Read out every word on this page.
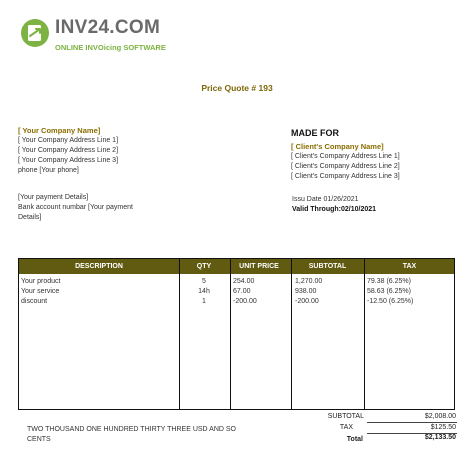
INV24.COM
ONLINE INVOicing SOFTWARE
Price Quote # 193
[ Your Company Name]
[ Your Company Address Line 1]
[ Your Company Address Line 2]
[ Your Company Address Line 3]
phone [Your phone]
[Your payment Details]
Bank account numbar [Your payment
Details]
MADE FOR
[ Client's Company Name]
[ Client's Company Address Line 1]
[ Client's Company Address Line 2]
[ Client's Company Address Line 3]
Issu Date 01/26/2021
Valid Through:02/10/2021
DESCRIPTION	QTY	UNIT PRICE	SUBTOTAL	TAX
Your product	5	254.00	1,270.00	79.38 (6.25%)
Your service	14h	67.00	938.00	58.63 (6.25%)
discount	1	-200.00	-200.00	-12.50 (6.25%)
TWO THOUSAND ONE HUNDRED THIRTY THREE USD AND SO CENTS
SUBTOTAL	$2,008.00
TAX	$125.50
Total	$2,133.50
